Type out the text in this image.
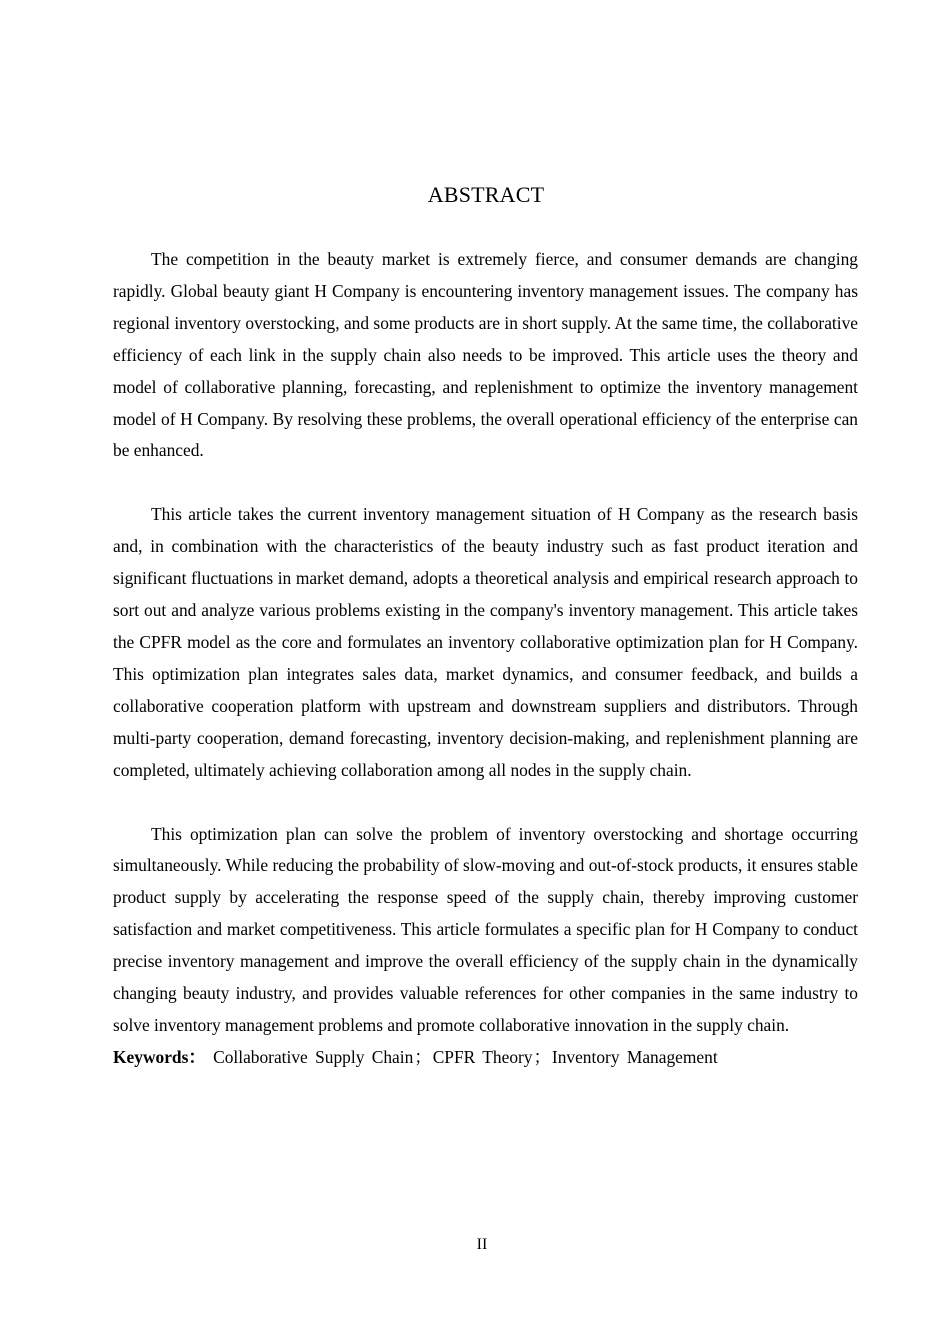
ABSTRACT

The competition in the beauty market is extremely fierce, and consumer demands are changing rapidly. Global beauty giant H Company is encountering inventory management issues. The company has regional inventory overstocking, and some products are in short supply. At the same time, the collaborative efficiency of each link in the supply chain also needs to be improved. This article uses the theory and model of collaborative planning, forecasting, and replenishment to optimize the inventory management model of H Company. By resolving these problems, the overall operational efficiency of the enterprise can be enhanced.

This article takes the current inventory management situation of H Company as the research basis and, in combination with the characteristics of the beauty industry such as fast product iteration and significant fluctuations in market demand, adopts a theoretical analysis and empirical research approach to sort out and analyze various problems existing in the company's inventory management. This article takes the CPFR model as the core and formulates an inventory collaborative optimization plan for H Company. This optimization plan integrates sales data, market dynamics, and consumer feedback, and builds a collaborative cooperation platform with upstream and downstream suppliers and distributors. Through multi-party cooperation, demand forecasting, inventory decision-making, and replenishment planning are completed, ultimately achieving collaboration among all nodes in the supply chain.

This optimization plan can solve the problem of inventory overstocking and shortage occurring simultaneously. While reducing the probability of slow-moving and out-of-stock products, it ensures stable product supply by accelerating the response speed of the supply chain, thereby improving customer satisfaction and market competitiveness. This article formulates a specific plan for H Company to conduct precise inventory management and improve the overall efficiency of the supply chain in the dynamically changing beauty industry, and provides valuable references for other companies in the same industry to solve inventory management problems and promote collaborative innovation in the supply chain.

Keywords： Collaborative Supply Chain；CPFR Theory；Inventory Management

II
